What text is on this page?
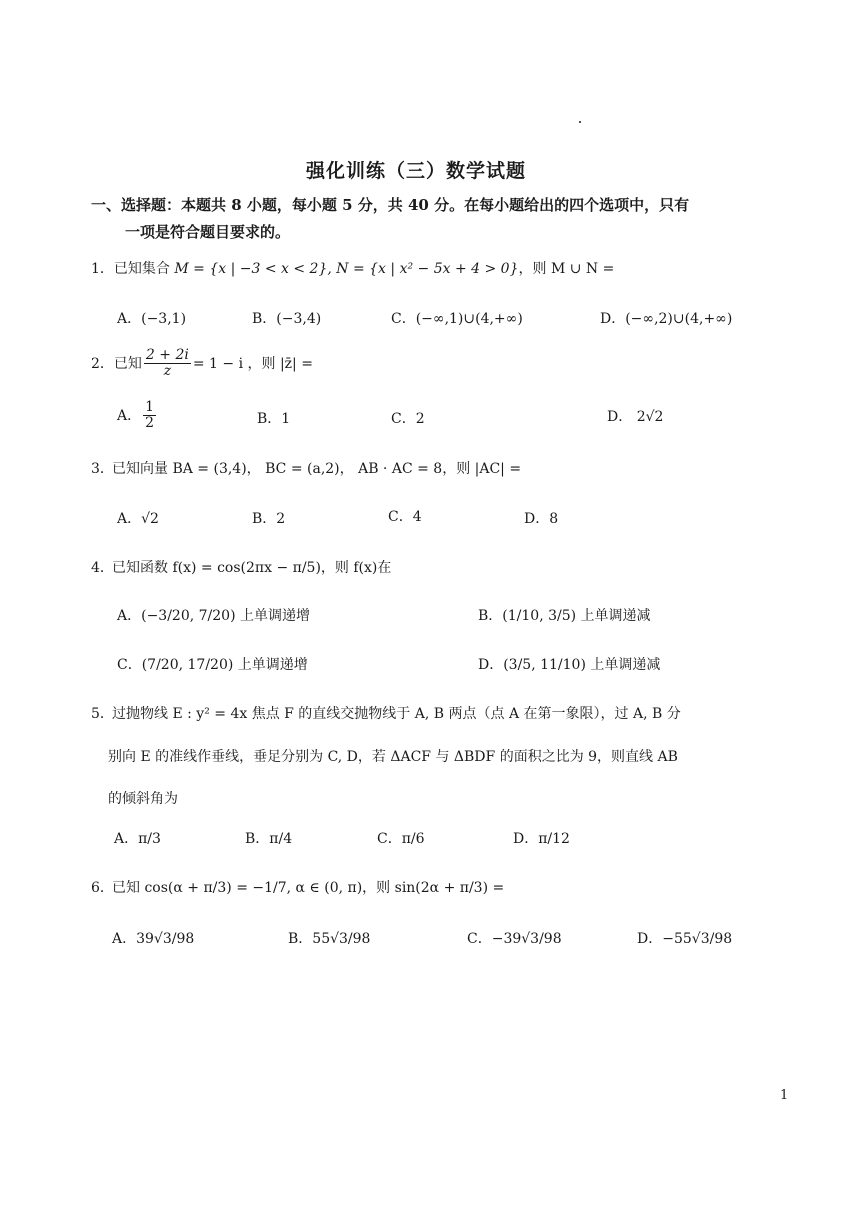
强化训练（三）数学试题
一、选择题：本题共 8 小题，每小题 5 分，共 40 分。在每小题给出的四个选项中，只有
一项是符合题目要求的。
1．已知集合 M = {x | −3 < x < 2}, N = {x | x² − 5x + 4 > 0}，则 M ∪ N =
A．(−3,1)	B．(−3,4)	C．(−∞,1)∪(4,+∞)	D．(−∞,2)∪(4,+∞)
2．已知 $\frac{2 + 2i}{z} = 1 - i$ ，则 |z̄| =
A． $\frac{1}{2}$	B．1	C．2	D． 2√2
已知向量 BA = (3,4)， BC = (a,2)， AB · AC = 8，则 |AC| =
3．
A．√2	B．2	C．4	D．8
4．
已知函数 f(x) = cos(2πx − π/5)，则 f(x)在
A．(−3/20, 7/20) 上单调递增	B．(1/10, 3/5) 上单调递减
C．(7/20, 17/20) 上单调递增	D．(3/5, 11/10) 上单调递减
5．
过抛物线 E : y² = 4x 焦点 F 的直线交抛物线于 A, B 两点（点 A 在第一象限），过 A, B 分
别向 E 的准线作垂线，垂足分别为 C, D，若 ΔACF 与 ΔBDF 的面积之比为 9，则直线 AB
的倾斜角为
A．π/3	B．π/4	C．π/6	D．π/12
6．
已知 cos(α + π/3) = −1/7, α ∈ (0, π)，则 sin(2α + π/3) =
A．39√3/98	B．55√3/98	C．−39√3/98	D．−55√3/98
1
